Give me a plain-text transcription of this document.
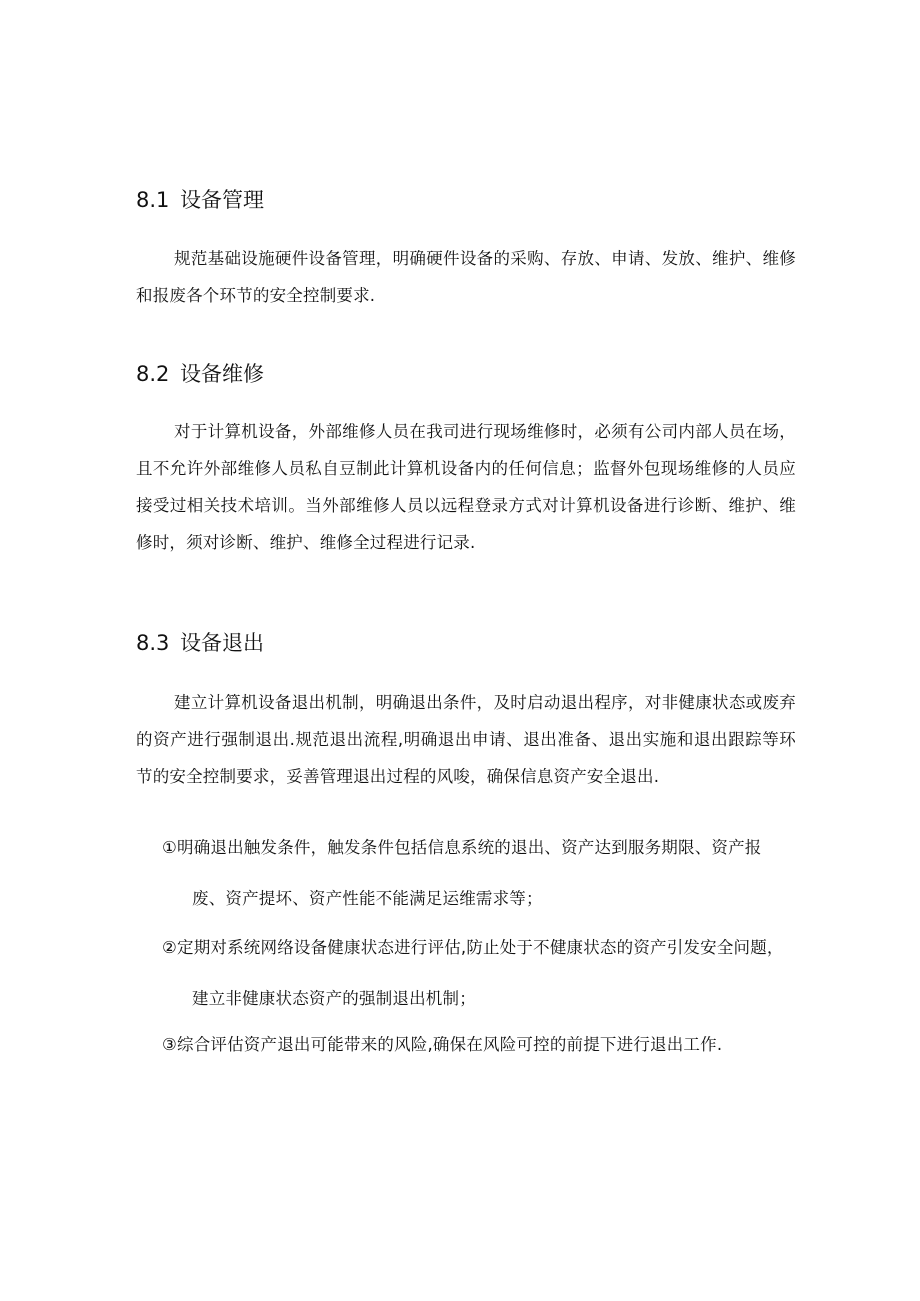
8.1 设备管理
规范基础设施硬件设备管理，明确硬件设备的采购、存放、申请、发放、维护、维修和报废各个环节的安全控制要求.
8.2 设备维修
对于计算机设备，外部维修人员在我司进行现场维修时，必须有公司内部人员在场，且不允许外部维修人员私自豆制此计算机设备内的任何信息；监督外包现场维修的人员应接受过相关技术培训。当外部维修人员以远程登录方式对计算机设备进行诊断、维护、维修时，须对诊断、维护、维修全过程进行记录.
8.3 设备退出
建立计算机设备退出机制，明确退出条件，及时启动退出程序，对非健康状态或废弃的资产进行强制退出.规范退出流程,明确退出申请、退出准备、退出实施和退出跟踪等环节的安全控制要求，妥善管理退出过程的风唆，确保信息资产安全退出.
①明确退出触发条件，触发条件包括信息系统的退出、资产达到服务期限、资产报
废、资产提坏、资产性能不能满足运维需求等；
②定期对系统网络设备健康状态进行评估,防止处于不健康状态的资产引发安全问题，
建立非健康状态资产的强制退出机制；
③综合评估资产退出可能带来的风险,确保在风险可控的前提下进行退出工作.
